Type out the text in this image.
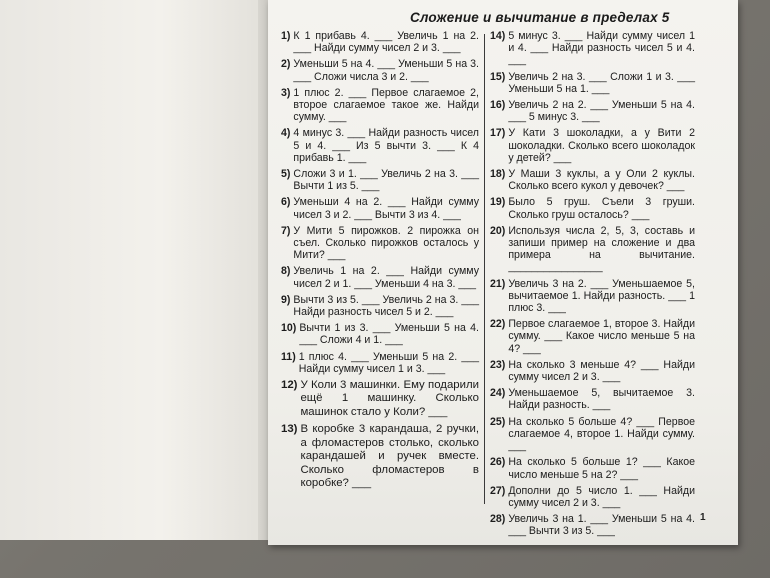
Сложение и вычитание в пределах 5
1) К 1 прибавь 4. ___ Увеличь 1 на 2. ___ Найди сумму чисел 2 и 3. ___
2) Уменьши 5 на 4. ___ Уменьши 5 на 3. ___ Сложи числа 3 и 2. ___
3) 1 плюс 2. ___ Первое слагаемое 2, второе слагаемое такое же. Найди сумму. ___
4) 4 минус 3. ___ Найди разность чисел 5 и 4. ___ Из 5 вычти 3. ___ К 4 прибавь 1. ___
5) Сложи 3 и 1. ___ Увеличь 2 на 3. ___ Вычти 1 из 5. ___
6) Уменьши 4 на 2. ___ Найди сумму чисел 3 и 2. ___ Вычти 3 из 4. ___
7) У Мити 5 пирожков. 2 пирожка он съел. Сколько пирожков осталось у Мити? ___
8) Увеличь 1 на 2. ___ Найди сумму чисел 2 и 1. ___ Уменьши 4 на 3. ___
9) Вычти 3 из 5. ___ Увеличь 2 на 3. ___ Найди разность чисел 5 и 2. ___
10) Вычти 1 из 3. ___ Уменьши 5 на 4. ___ Сложи 4 и 1. ___
11) 1 плюс 4. ___ Уменьши 5 на 2. ___ Найди сумму чисел 1 и 3. ___
12) У Коли 3 машинки. Ему подарили ещё 1 машинку. Сколько машинок стало у Коли? ___
13) В коробке 3 карандаша, 2 ручки, а фломастеров столько, сколько карандашей и ручек вместе. Сколько фломастеров в коробке? ___
14) 5 минус 3. ___ Найди сумму чисел 1 и 4. ___ Найди разность чисел 5 и 4. ___
15) Увеличь 2 на 3. ___ Сложи 1 и 3. ___ Уменьши 5 на 1. ___
16) Увеличь 2 на 2. ___ Уменьши 5 на 4. ___ 5 минус 3. ___
17) У Кати 3 шоколадки, а у Вити 2 шоколадки. Сколько всего шоколадок у детей? ___
18) У Маши 3 куклы, а у Оли 2 куклы. Сколько всего кукол у девочек? ___
19) Было 5 груш. Съели 3 груши. Сколько груш осталось? ___
20) Используя числа 2, 5, 3, составь и запиши пример на сложение и два примера на вычитание. ________________
21) Увеличь 3 на 2. ___ Уменьшаемое 5, вычитаемое 1. Найди разность. ___ 1 плюс 3. ___
22) Первое слагаемое 1, второе 3. Найди сумму. ___ Какое число меньше 5 на 4? ___
23) На сколько 3 меньше 4? ___ Найди сумму чисел 2 и 3. ___
24) Уменьшаемое 5, вычитаемое 3. Найди разность. ___
25) На сколько 5 больше 4? ___ Первое слагаемое 4, второе 1. Найди сумму. ___
26) На сколько 5 больше 1? ___ Какое число меньше 5 на 2? ___
27) Дополни до 5 число 1. ___ Найди сумму чисел 2 и 3. ___
28) Увеличь 3 на 1. ___ Уменьши 5 на 4. ___ Вычти 3 из 5. ___
1
